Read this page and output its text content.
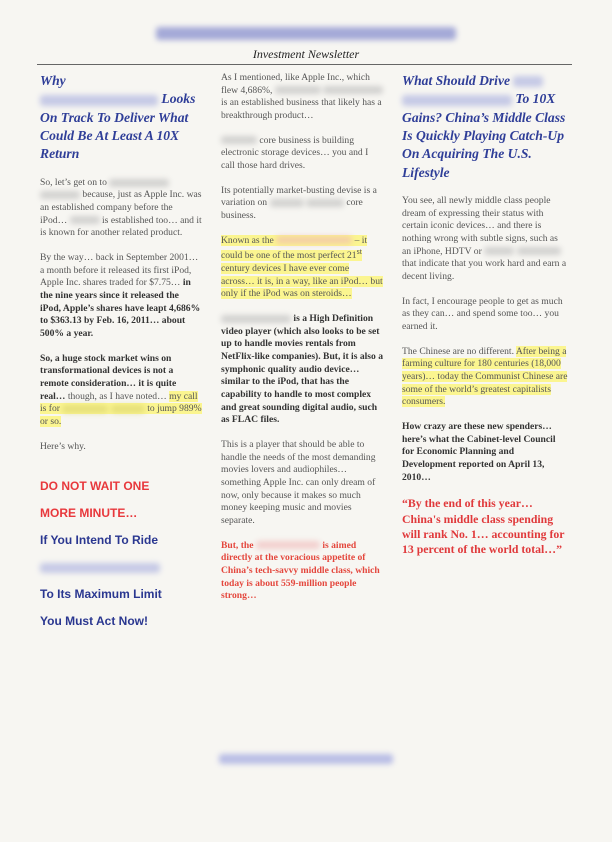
Investment Newsletter
Why   Looks On Track To Deliver What Could Be At Least A 10X Return

So, let’s get on to   because, just as Apple Inc. was an established company before the iPod…	is established too… and it is known for another related product.

By the way… back in September 2001… a month before it released its first iPod, Apple Inc. shares traded for $7.75… in the nine years since it released the iPod, Apple’s shares have leapt 4,686% to $363.13 by Feb. 16, 2011… about 500% a year.

So, a huge stock market wins on transformational devices is not a remote consideration… it is quite real… though, as I have noted… my call is for	to jump 989% or so.

Here’s why.

DO NOT WAIT ONE
MORE MINUTE…
If You Intend To Ride
To Its Maximum Limit
You Must Act Now!

As I mentioned, like Apple Inc., which flew 4,686%,   is an established business that likely has a breakthrough product…

core business is building electronic storage devices… you and I call those hard drives.

Its potentially market-busting devise is a variation on	core business.

Known as the	– it could be one of the most perfect 21st century devices I have ever come across… it is, in a way, like an iPod… but only if the iPod was on steroids…

is a High Definition video player (which also looks to be set up to handle movies rentals from NetFlix-like companies). But, it is also a symphonic quality audio device… similar to the iPod, that has the capability to handle to most complex and great sounding digital audio, such as FLAC files.

This is a player that should be able to handle the needs of the most demanding movies lovers and audiophiles… something Apple Inc. can only dream of now, only because it makes so much money keeping music and movies separate.

But, the	is aimed directly at the voracious appetite of China’s tech-savvy middle class, which today is about 559-million people strong…

What Should Drive   To 10X Gains? China’s Middle Class Is Quickly Playing Catch-Up On Acquiring The U.S. Lifestyle

You see, all newly middle class people dream of expressing their status with certain iconic devices… and there is nothing wrong with subtle signs, such as an iPhone, HDTV or   that indicate that you work hard and earn a decent living.

In fact, I encourage people to get as much as they can… and spend some too… you earned it.

The Chinese are no different. After being a farming culture for 180 centuries (18,000 years)… today the Communist Chinese are some of the world’s greatest capitalists consumers.

How crazy are these new spenders… here’s what the Cabinet-level Council for Economic Planning and Development reported on April 13, 2010…

“By the end of this year… China's middle class spending will rank No. 1… accounting for 13 percent of the world total…”
